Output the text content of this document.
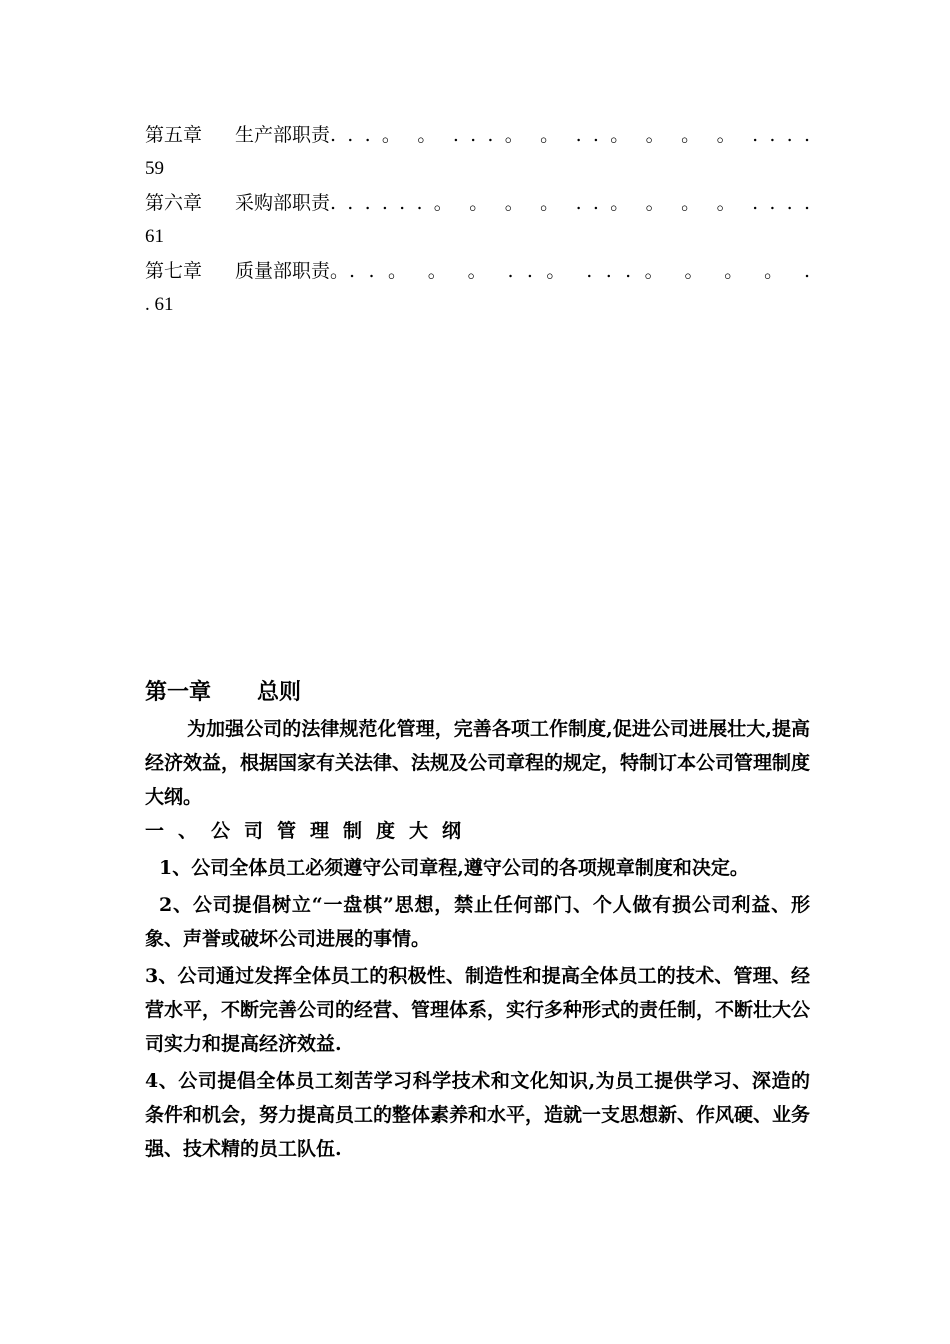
第五章	生产部职责 . . . 。 。 . . . 。 。 . . 。 。 。 。 . . . .
59
第六章	采购部职责 . . . . . . 。 。 。 。 . . 。 。 。 。 . . . .
61
第七章	质量部职责。 . . 。 。 。 . . 。 . . . 。 。 。 。 .
. 61
第一章 总则

为加强公司的法律规范化管理，完善各项工作制度,促进公司进展壮大,提高经济效益，根据国家有关法律、法规及公司章程的规定，特制订本公司管理制度大纲。

一、公司管理制度大纲

1、公司全体员工必须遵守公司章程,遵守公司的各项规章制度和决定。

2、公司提倡树立“一盘棋”思想，禁止任何部门、个人做有损公司利益、形象、声誉或破坏公司进展的事情。

3、公司通过发挥全体员工的积极性、制造性和提高全体员工的技术、管理、经营水平，不断完善公司的经营、管理体系，实行多种形式的责任制，不断壮大公司实力和提高经济效益.

4、公司提倡全体员工刻苦学习科学技术和文化知识,为员工提供学习、深造的条件和机会，努力提高员工的整体素养和水平，造就一支思想新、作风硬、业务强、技术精的员工队伍.
